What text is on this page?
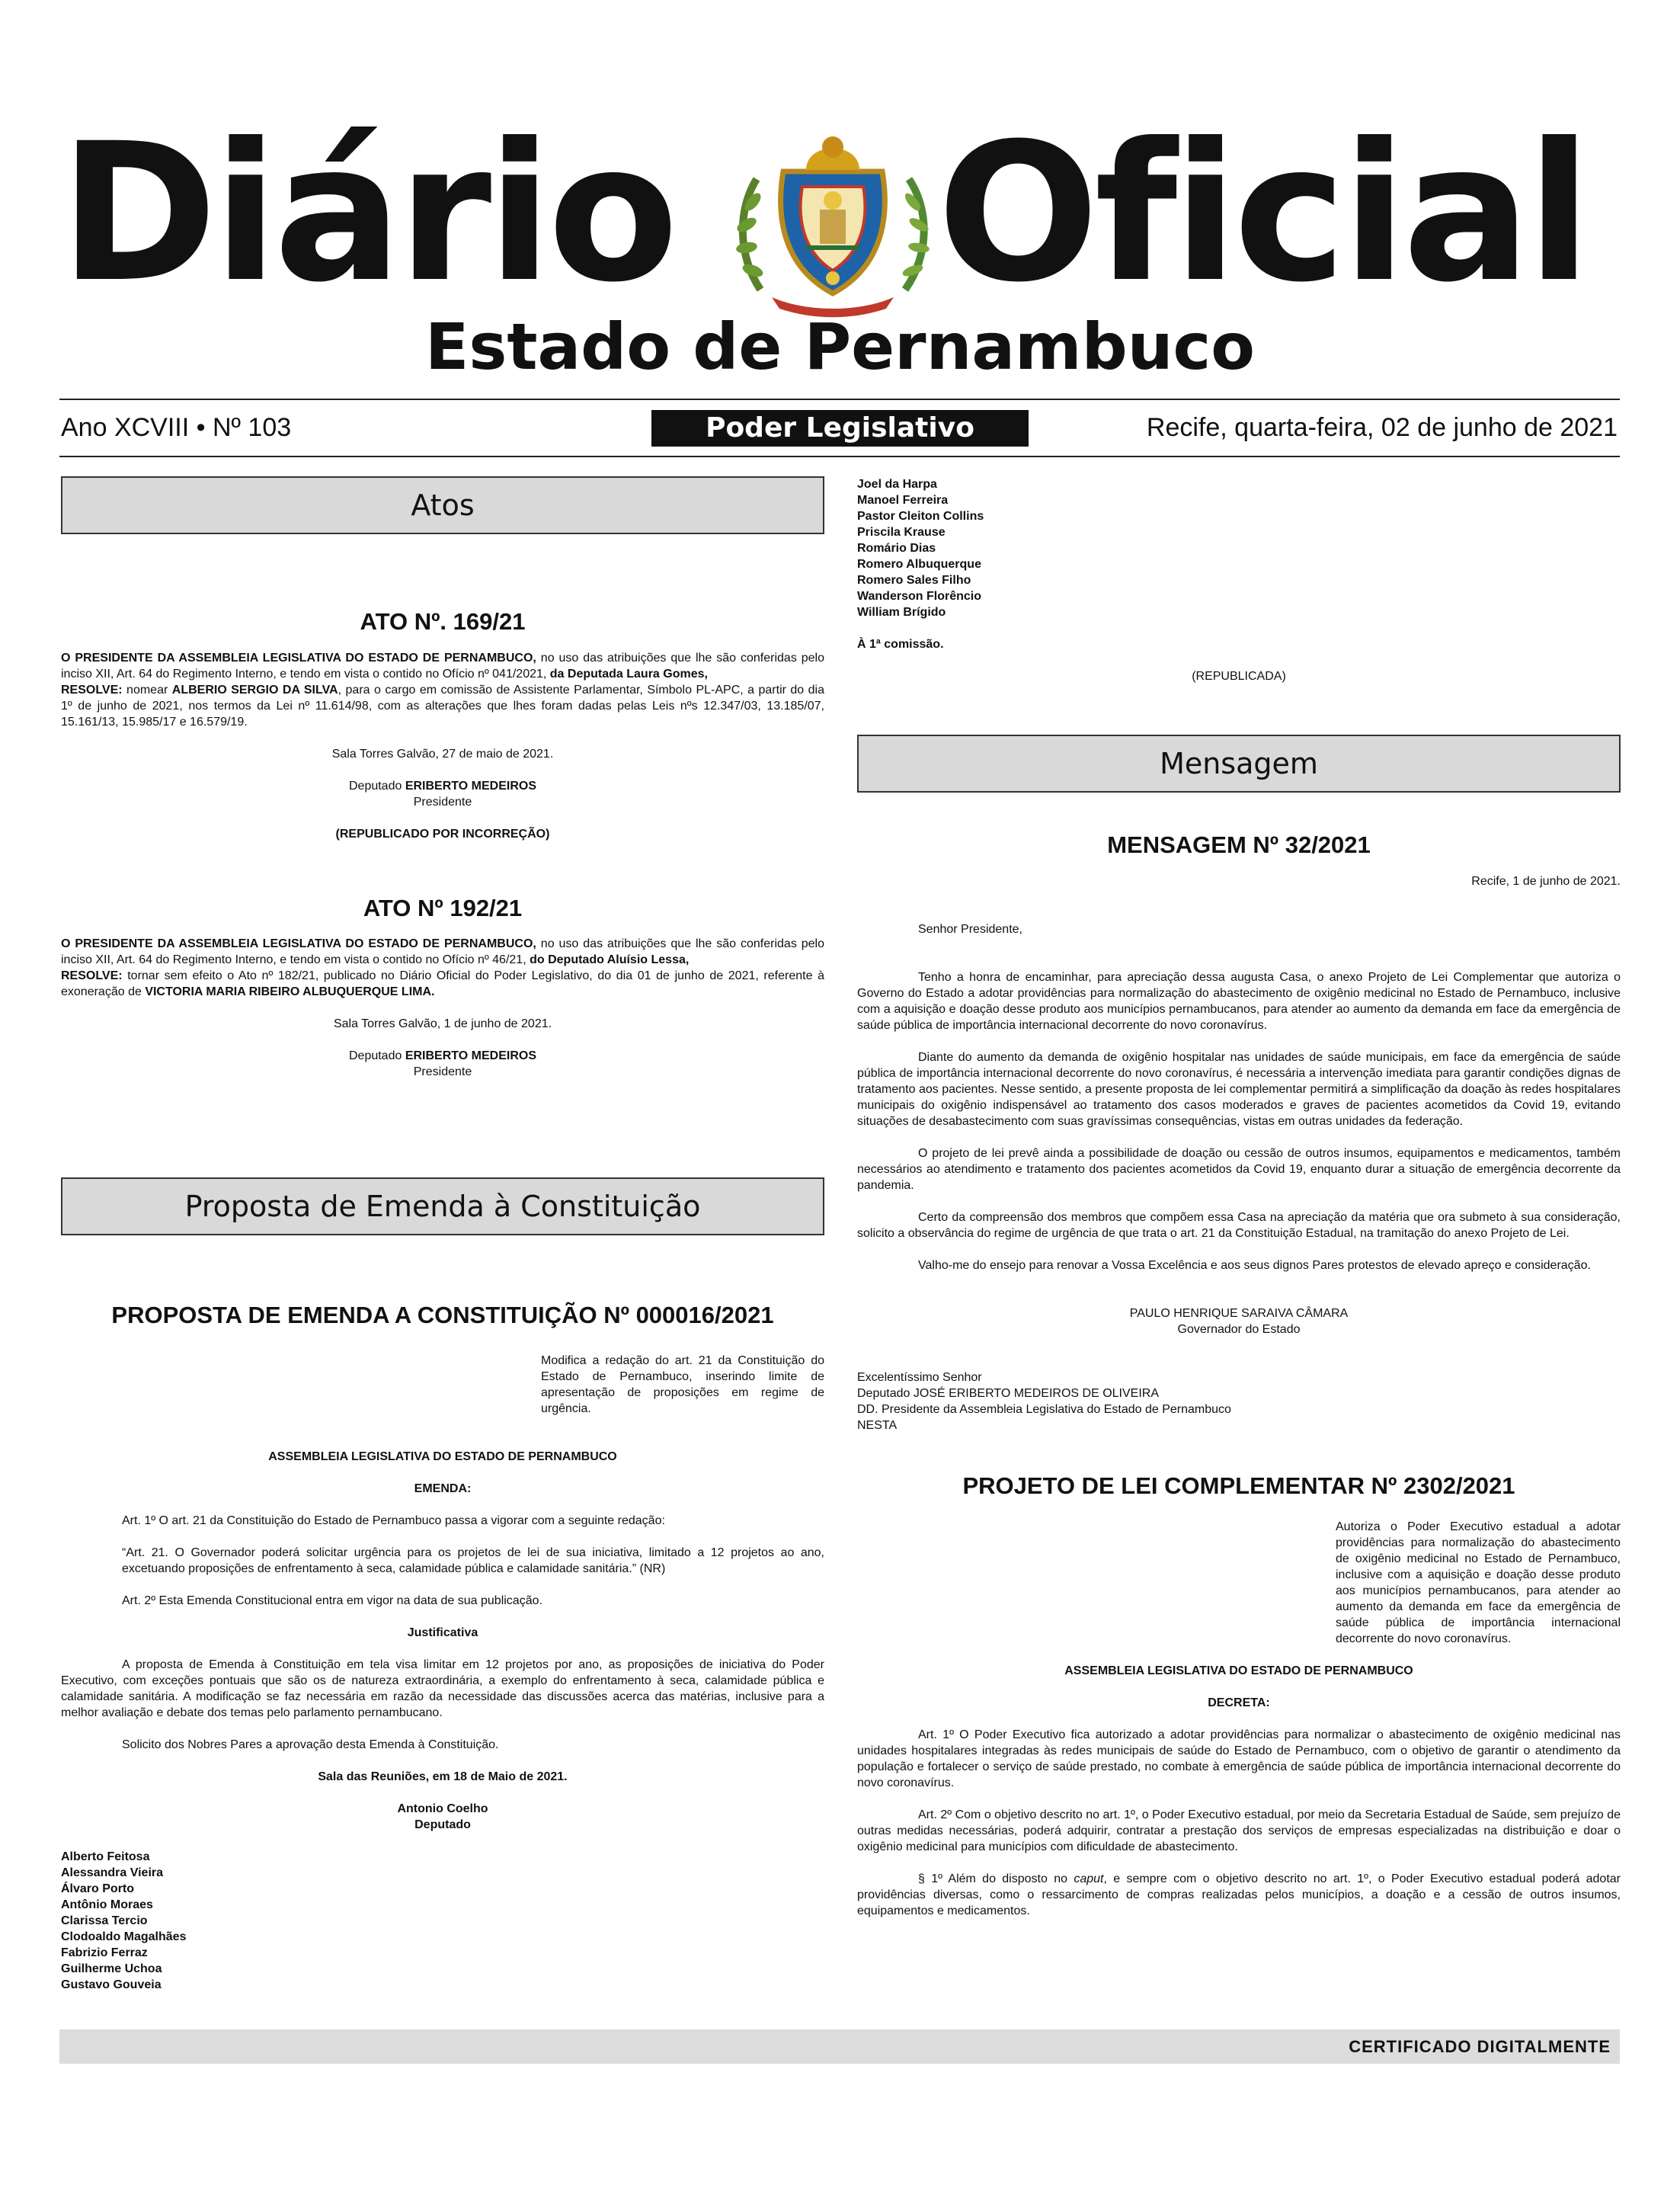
Diário Oficial
Estado de Pernambuco
Ano XCVIII • Nº 103	Poder Legislativo	Recife, quarta-feira, 02 de junho de 2021
Atos
ATO Nº. 169/21

O PRESIDENTE DA ASSEMBLEIA LEGISLATIVA DO ESTADO DE PERNAMBUCO, no uso das atribuições que lhe são conferidas pelo inciso XII, Art. 64 do Regimento Interno, e tendo em vista o contido no Ofício nº 041/2021, da Deputada Laura Gomes,

RESOLVE: nomear ALBERIO SERGIO DA SILVA, para o cargo em comissão de Assistente Parlamentar, Símbolo PL-APC, a partir do dia 1º de junho de 2021, nos termos da Lei nº 11.614/98, com as alterações que lhes foram dadas pelas Leis nºs 12.347/03, 13.185/07, 15.161/13, 15.985/17 e 16.579/19.

Sala Torres Galvão, 27 de maio de 2021.

Deputado ERIBERTO MEDEIROS

Presidente

(REPUBLICADO POR INCORREÇÃO)

ATO Nº 192/21

O PRESIDENTE DA ASSEMBLEIA LEGISLATIVA DO ESTADO DE PERNAMBUCO, no uso das atribuições que lhe são conferidas pelo inciso XII, Art. 64 do Regimento Interno, e tendo em vista o contido no Ofício nº 46/21, do Deputado Aluísio Lessa,

RESOLVE: tornar sem efeito o Ato nº 182/21, publicado no Diário Oficial do Poder Legislativo, do dia 01 de junho de 2021, referente à exoneração de VICTORIA MARIA RIBEIRO ALBUQUERQUE LIMA.

Sala Torres Galvão, 1 de junho de 2021.

Deputado ERIBERTO MEDEIROS

Presidente

Proposta de Emenda à Constituição
PROPOSTA DE EMENDA A CONSTITUIÇÃO Nº 000016/2021

Modifica a redação do art. 21 da Constituição do Estado de Pernambuco, inserindo limite de apresentação de proposições em regime de urgência.

ASSEMBLEIA LEGISLATIVA DO ESTADO DE PERNAMBUCO

EMENDA:

Art. 1º O art. 21 da Constituição do Estado de Pernambuco passa a vigorar com a seguinte redação:

“Art. 21. O Governador poderá solicitar urgência para os projetos de lei de sua iniciativa, limitado a 12 projetos ao ano, excetuando proposições de enfrentamento à seca, calamidade pública e calamidade sanitária.” (NR)

Art. 2º Esta Emenda Constitucional entra em vigor na data de sua publicação.

Justificativa

A proposta de Emenda à Constituição em tela visa limitar em 12 projetos por ano, as proposições de iniciativa do Poder Executivo, com exceções pontuais que são os de natureza extraordinária, a exemplo do enfrentamento à seca, calamidade pública e calamidade sanitária. A modificação se faz necessária em razão da necessidade das discussões acerca das matérias, inclusive para a melhor avaliação e debate dos temas pelo parlamento pernambucano.

Solicito dos Nobres Pares a aprovação desta Emenda à Constituição.

Sala das Reuniões, em 18 de Maio de 2021.

Antonio Coelho

Deputado

Alberto Feitosa
Alessandra Vieira
Álvaro Porto
Antônio Moraes
Clarissa Tercio
Clodoaldo Magalhães
Fabrizio Ferraz
Guilherme Uchoa
Gustavo Gouveia
Joel da Harpa
Manoel Ferreira
Pastor Cleiton Collins
Priscila Krause
Romário Dias
Romero Albuquerque
Romero Sales Filho
Wanderson Florêncio
William Brígido

À 1ª comissão.

(REPUBLICADA)

Mensagem
MENSAGEM Nº 32/2021

Recife, 1 de junho de 2021.

Senhor Presidente,

Tenho a honra de encaminhar, para apreciação dessa augusta Casa, o anexo Projeto de Lei Complementar que autoriza o Governo do Estado a adotar providências para normalização do abastecimento de oxigênio medicinal no Estado de Pernambuco, inclusive com a aquisição e doação desse produto aos municípios pernambucanos, para atender ao aumento da demanda em face da emergência de saúde pública de importância internacional decorrente do novo coronavírus.

Diante do aumento da demanda de oxigênio hospitalar nas unidades de saúde municipais, em face da emergência de saúde pública de importância internacional decorrente do novo coronavírus, é necessária a intervenção imediata para garantir condições dignas de tratamento aos pacientes. Nesse sentido, a presente proposta de lei complementar permitirá a simplificação da doação às redes hospitalares municipais do oxigênio indispensável ao tratamento dos casos moderados e graves de pacientes acometidos da Covid 19, evitando situações de desabastecimento com suas gravíssimas consequências, vistas em outras unidades da federação.

O projeto de lei prevê ainda a possibilidade de doação ou cessão de outros insumos, equipamentos e medicamentos, também necessários ao atendimento e tratamento dos pacientes acometidos da Covid 19, enquanto durar a situação de emergência decorrente da pandemia.

Certo da compreensão dos membros que compõem essa Casa na apreciação da matéria que ora submeto à sua consideração, solicito a observância do regime de urgência de que trata o art. 21 da Constituição Estadual, na tramitação do anexo Projeto de Lei.

Valho-me do ensejo para renovar a Vossa Excelência e aos seus dignos Pares protestos de elevado apreço e consideração.

PAULO HENRIQUE SARAIVA CÂMARA

Governador do Estado

Excelentíssimo Senhor

Deputado JOSÉ ERIBERTO MEDEIROS DE OLIVEIRA

DD. Presidente da Assembleia Legislativa do Estado de Pernambuco

NESTA

PROJETO DE LEI COMPLEMENTAR Nº 2302/2021

Autoriza o Poder Executivo estadual a adotar providências para normalização do abastecimento de oxigênio medicinal no Estado de Pernambuco, inclusive com a aquisição e doação desse produto aos municípios pernambucanos, para atender ao aumento da demanda em face da emergência de saúde pública de importância internacional decorrente do novo coronavírus.

ASSEMBLEIA LEGISLATIVA DO ESTADO DE PERNAMBUCO

DECRETA:

Art. 1º O Poder Executivo fica autorizado a adotar providências para normalizar o abastecimento de oxigênio medicinal nas unidades hospitalares integradas às redes municipais de saúde do Estado de Pernambuco, com o objetivo de garantir o atendimento da população e fortalecer o serviço de saúde prestado, no combate à emergência de saúde pública de importância internacional decorrente do novo coronavírus.

Art. 2º Com o objetivo descrito no art. 1º, o Poder Executivo estadual, por meio da Secretaria Estadual de Saúde, sem prejuízo de outras medidas necessárias, poderá adquirir, contratar a prestação dos serviços de empresas especializadas na distribuição e doar o oxigênio medicinal para municípios com dificuldade de abastecimento.

§ 1º Além do disposto no caput, e sempre com o objetivo descrito no art. 1º, o Poder Executivo estadual poderá adotar providências diversas, como o ressarcimento de compras realizadas pelos municípios, a doação e a cessão de outros insumos, equipamentos e medicamentos.

CERTIFICADO DIGITALMENTE
